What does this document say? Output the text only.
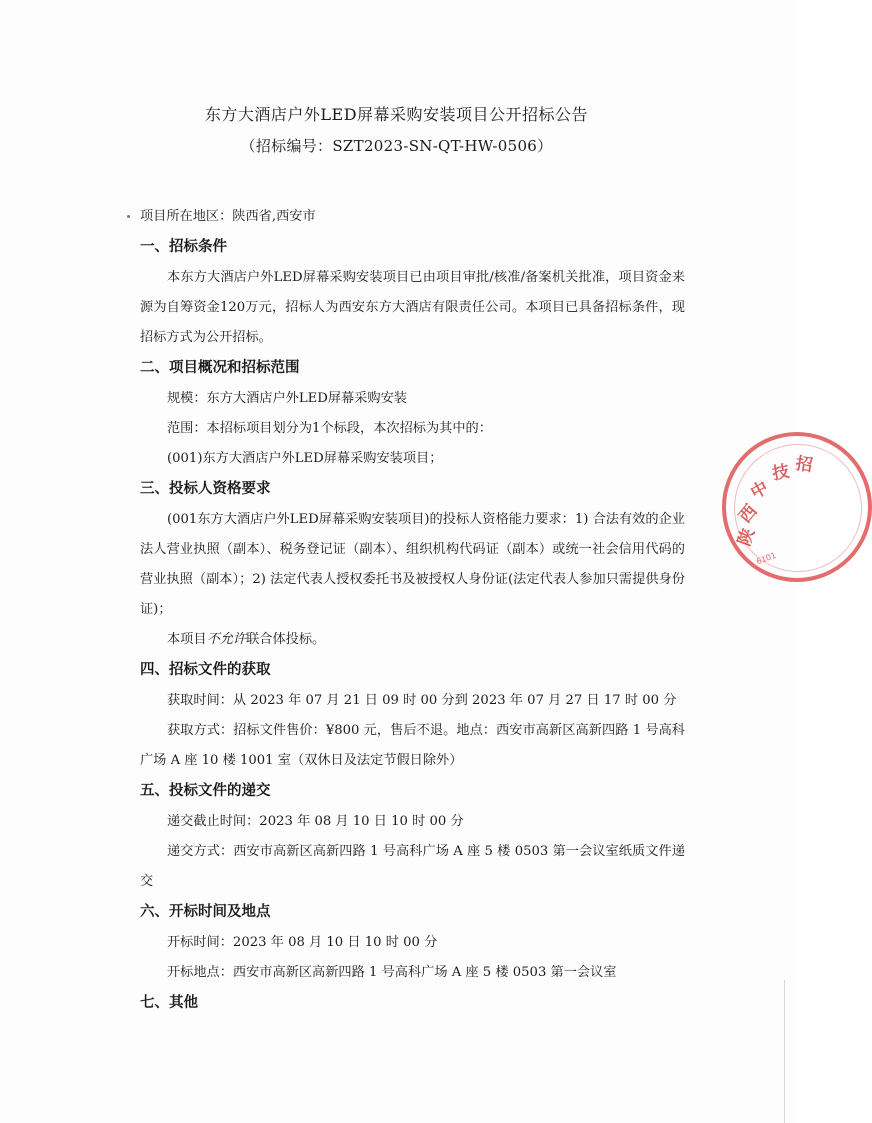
东方大酒店户外LED屏幕采购安装项目公开招标公告
（招标编号：SZT2023-SN-QT-HW-0506）

项目所在地区：陕西省,西安市

一、招标条件

本东方大酒店户外LED屏幕采购安装项目已由项目审批/核准/备案机关批准，项目资金来源为自筹资金120万元，招标人为西安东方大酒店有限责任公司。本项目已具备招标条件，现招标方式为公开招标。

二、项目概况和招标范围

规模：东方大酒店户外LED屏幕采购安装

范围：本招标项目划分为1个标段，本次招标为其中的：

(001)东方大酒店户外LED屏幕采购安装项目；

三、投标人资格要求

(001东方大酒店户外LED屏幕采购安装项目)的投标人资格能力要求：1) 合法有效的企业法人营业执照（副本）、税务登记证（副本）、组织机构代码证（副本）或统一社会信用代码的营业执照（副本）；2) 法定代表人授权委托书及被授权人身份证(法定代表人参加只需提供身份证)；

本项目不允许联合体投标。

四、招标文件的获取

获取时间：从 2023 年 07 月 21 日 09 时 00 分到 2023 年 07 月 27 日 17 时 00 分

获取方式：招标文件售价：¥800 元，售后不退。地点：西安市高新区高新四路 1 号高科广场 A 座 10 楼 1001 室（双休日及法定节假日除外）

五、投标文件的递交

递交截止时间：2023 年 08 月 10 日 10 时 00 分

递交方式：西安市高新区高新四路 1 号高科广场 A 座 5 楼 0503 第一会议室纸质文件递交

六、开标时间及地点

开标时间：2023 年 08 月 10 日 10 时 00 分

开标地点：西安市高新区高新四路 1 号高科广场 A 座 5 楼 0503 第一会议室

七、其他

陕
西
中
技 招
6101
